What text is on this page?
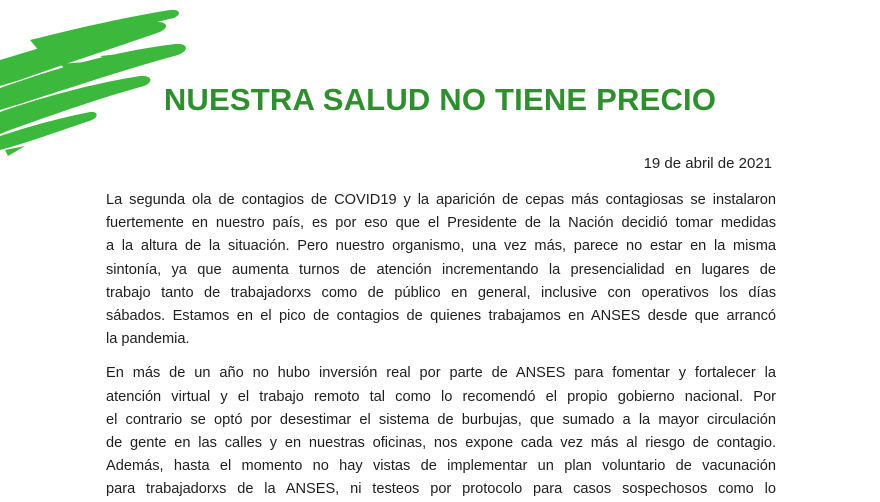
NUESTRA SALUD NO TIENE PRECIO
19 de abril de 2021

La segunda ola de contagios de COVID19 y la aparición de cepas más contagiosas se instalaron
fuertemente en nuestro país, es por eso que el Presidente de la Nación decidió tomar medidas
a la altura de la situación. Pero nuestro organismo, una vez más, parece no estar en la misma
sintonía, ya que aumenta turnos de atención incrementando la presencialidad en lugares de
trabajo tanto de trabajadorxs como de público en general, inclusive con operativos los días
sábados. Estamos en el pico de contagios de quienes trabajamos en ANSES desde que arrancó
la pandemia.

En más de un año no hubo inversión real por parte de ANSES para fomentar y fortalecer la
atención virtual y el trabajo remoto tal como lo recomendó el propio gobierno nacional. Por
el contrario se optó por desestimar el sistema de burbujas, que sumado a la mayor circulación
de gente en las calles y en nuestras oficinas, nos expone cada vez más al riesgo de contagio.
Además, hasta el momento no hay vistas de implementar un plan voluntario de vacunación
para trabajadorxs de la ANSES, ni testeos por protocolo para casos sospechosos como lo
